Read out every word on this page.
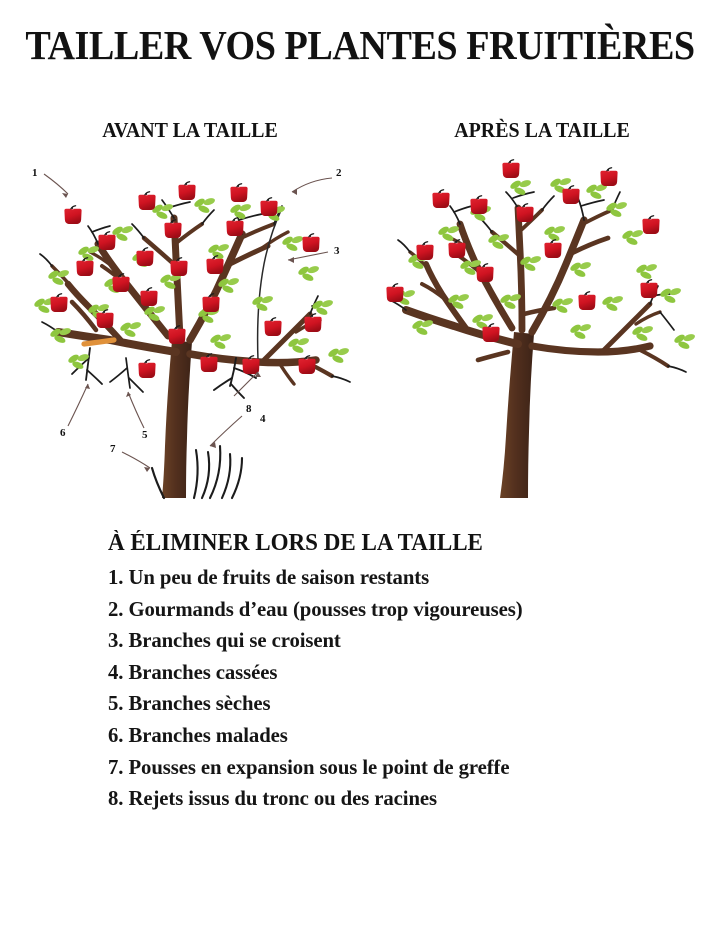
TAILLER VOS PLANTES FRUITIÈRES
AVANT LA TAILLE
1	2
3
4
5
6
7
8
APRÈS LA TAILLE
À ÉLIMINER LORS DE LA TAILLE
1. Un peu de fruits de saison restants
2. Gourmands d’eau (pousses trop vigoureuses)
3. Branches qui se croisent
4. Branches cassées
5. Branches sèches
6. Branches malades
7. Pousses en expansion sous le point de greffe
8. Rejets issus du tronc ou des racines
